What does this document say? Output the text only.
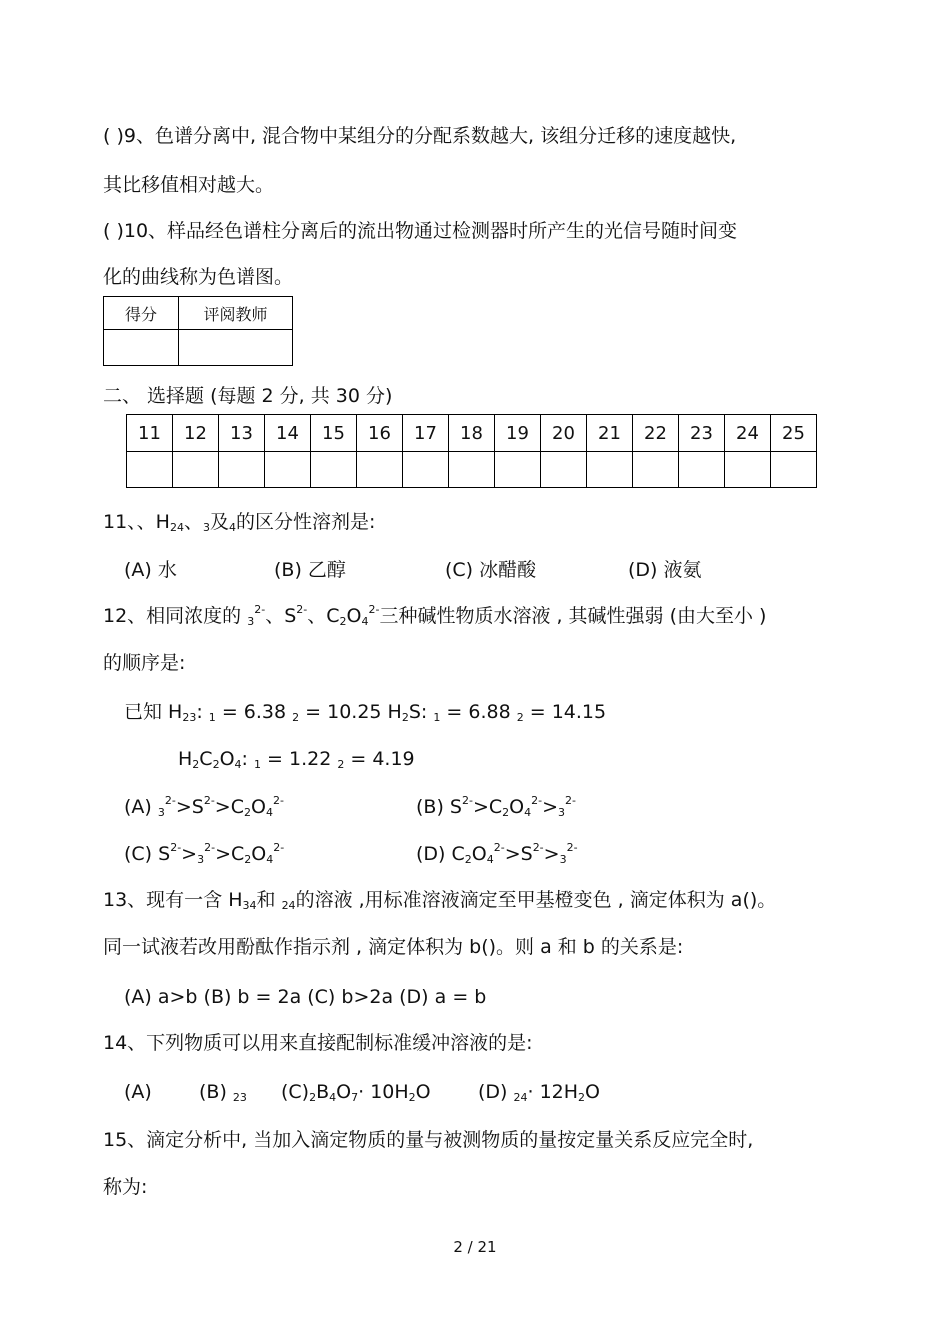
( )9、色谱分离中, 混合物中某组分的分配系数越大, 该组分迁移的速度越快,
其比移值相对越大。
( )10、样品经色谱柱分离后的流出物通过检测器时所产生的光信号随时间变
化的曲线称为色谱图。
得分	评阅教师

二、 选择题 (每题 2 分, 共 30 分)
11	12	13	14	15	16	17	18	19	20	21	22	23	24	25

11、、$H_{24}$、$_3$及$_4$的区分性溶剂是:
(A) 水	(B) 乙醇	(C) 冰醋酸	(D) 液氨
12、相同浓度的 $_3^{2-}$、$S^{2-}$、$C_2O_4^{2-}$三种碱性物质水溶液 , 其碱性强弱 (由大至小 )
的顺序是:
已知 $H_{23}$: $_1$ = 6.38 $_2$ = 10.25 $H_2S$: $_1$ = 6.88 $_2$ = 14.15
$H_2C_2O_4$: $_1$ = 1.22 $_2$ = 4.19
(A) $_3^{2-}>S^{2-}>C_2O_4^{2-}$	(B) $S^{2-}>C_2O_4^{2-}>_3^{2-}$
(C) $S^{2-}>_3^{2-}>C_2O_4^{2-}$	(D) $C_2O_4^{2-}>S^{2-}>_3^{2-}$
13、现有一含 $H_{34}$和 $_{24}$的溶液 ,用标准溶液滴定至甲基橙变色 , 滴定体积为 a()。
同一试液若改用酚酞作指示剂 , 滴定体积为 b()。则 a 和 b 的关系是:
(A) a>b (B) b = 2a (C) b>2a (D) a = b
14、下列物质可以用来直接配制标准缓冲溶液的是:
(A) (B) $_{23}$ $(C)_2B_4O_7\cdot 10H_2O$ (D) $_{24}\cdot 12H_2O$
15、滴定分析中, 当加入滴定物质的量与被测物质的量按定量关系反应完全时,
称为:
2 / 21
